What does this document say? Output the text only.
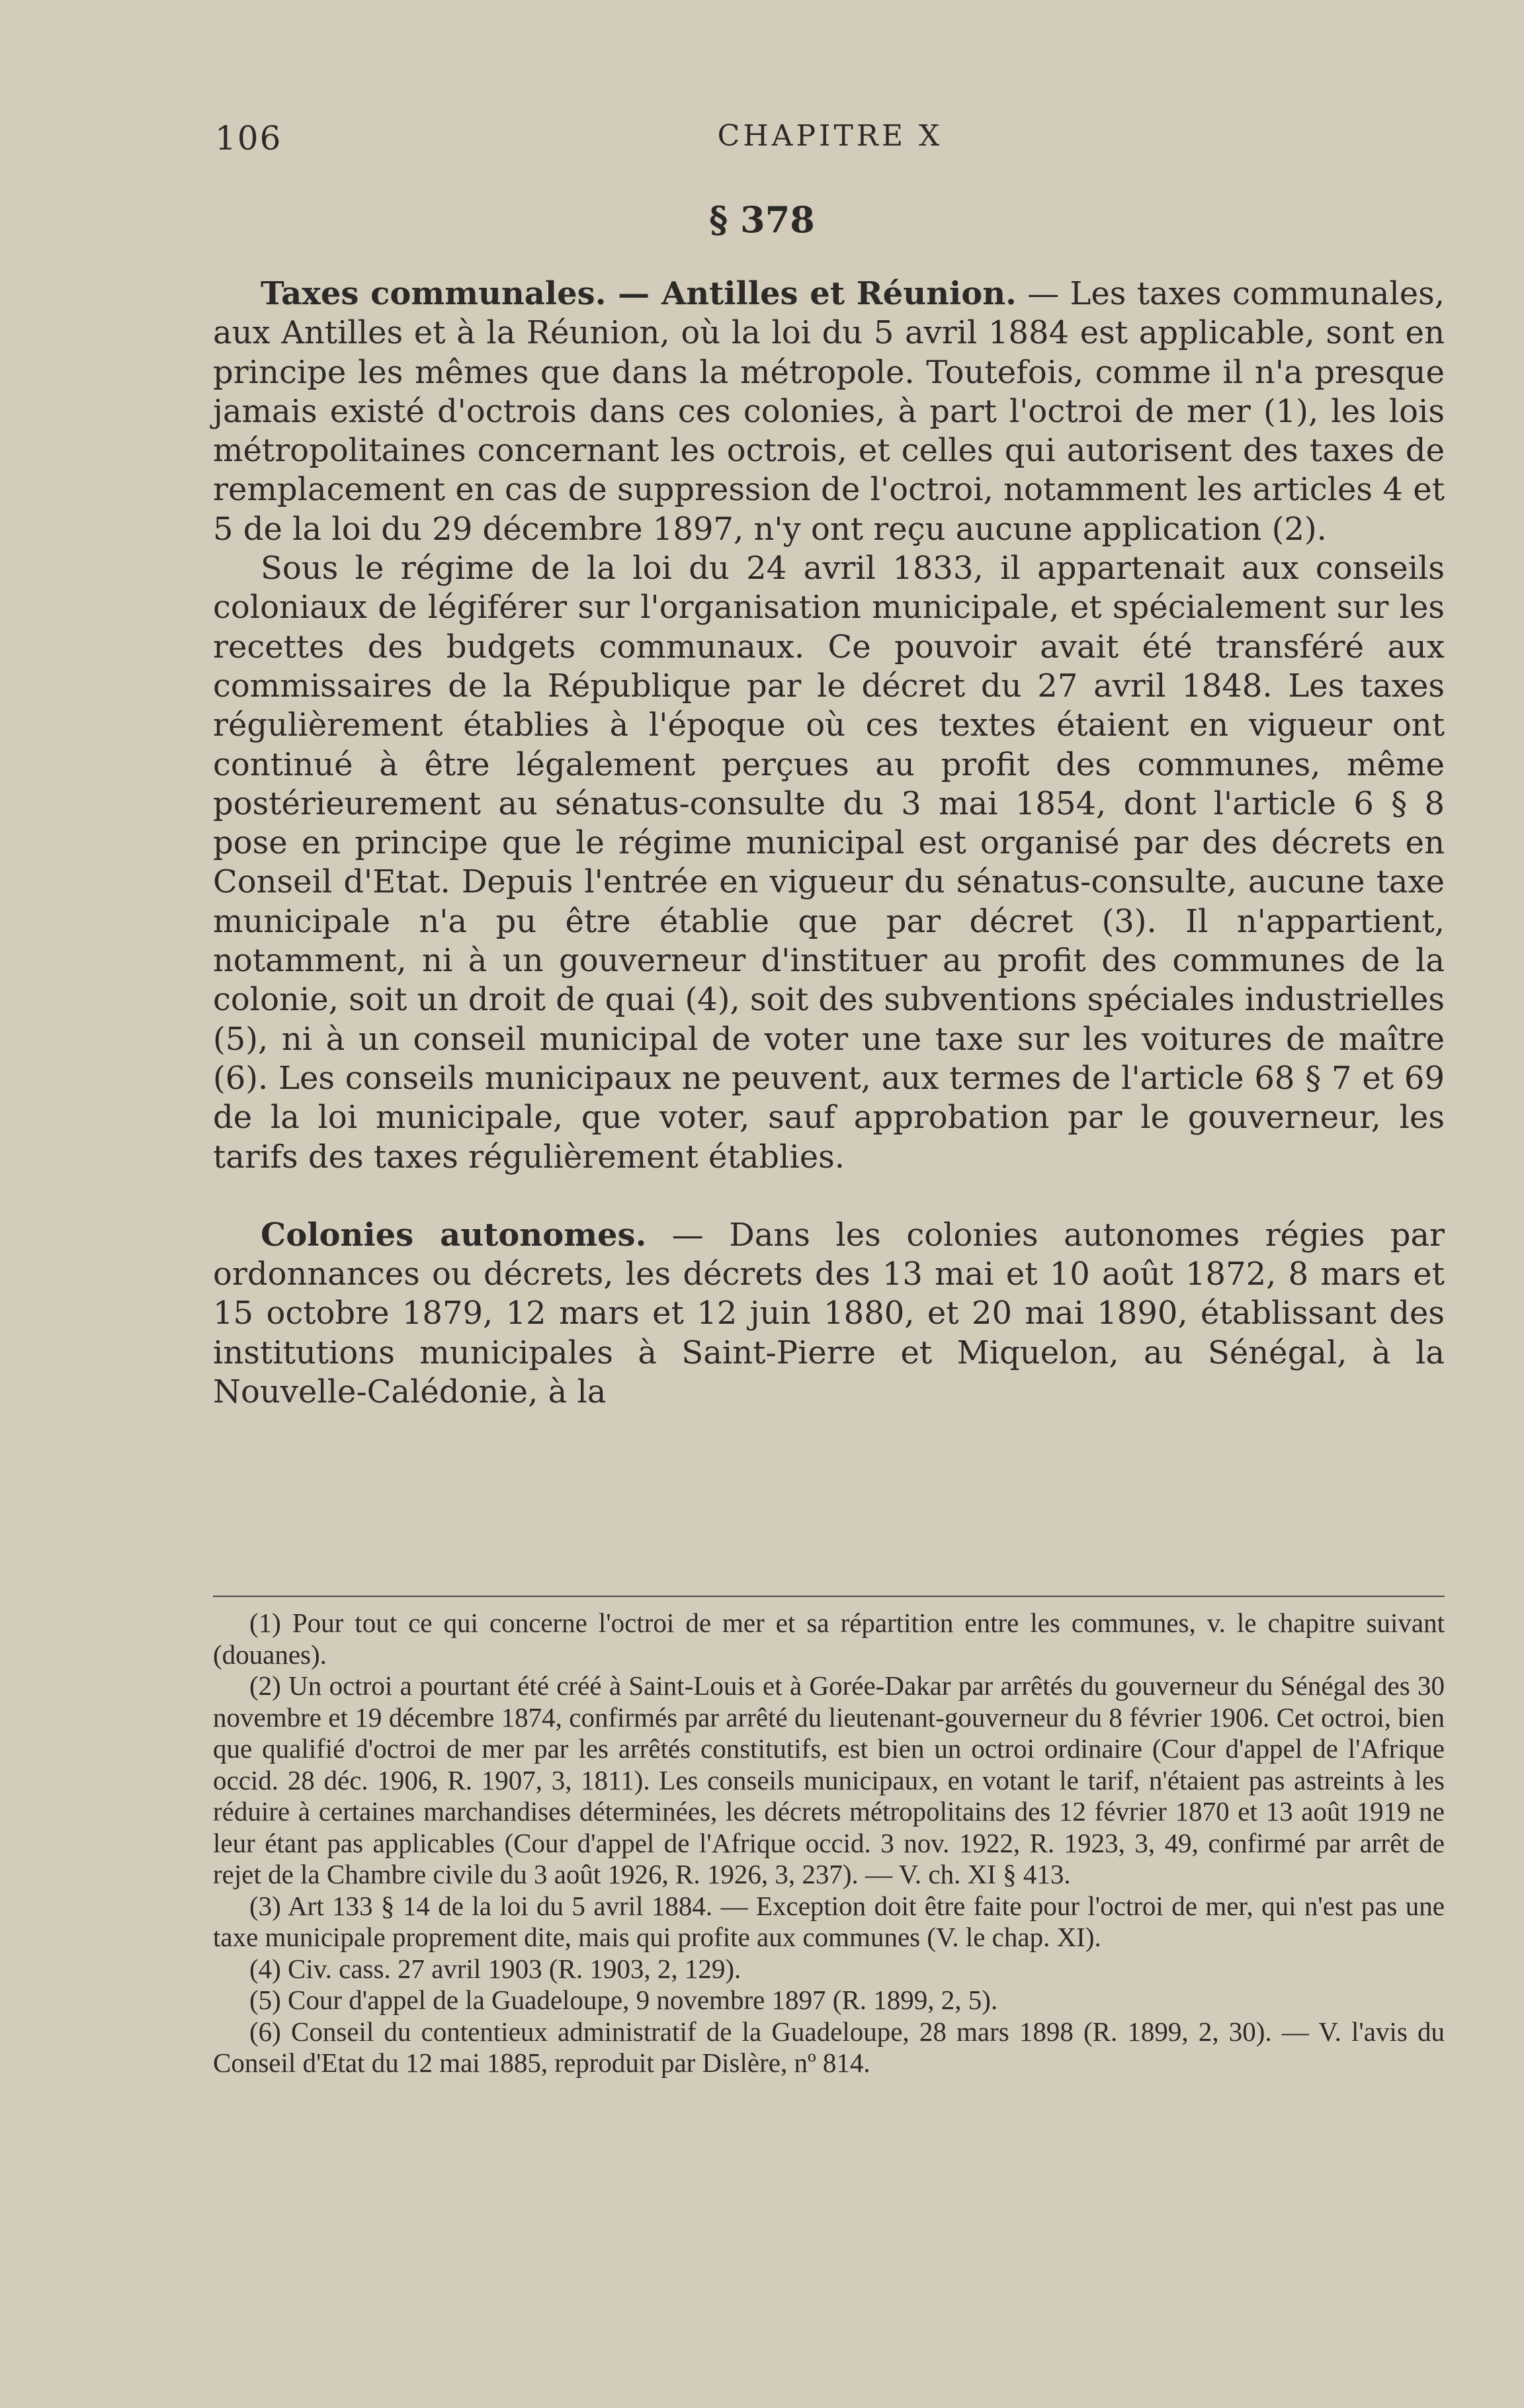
106	CHAPITRE X
§ 378

Taxes communales. — Antilles et Réunion. — Les taxes communales, aux Antilles et à la Réunion, où la loi du 5 avril 1884 est applicable, sont en principe les mêmes que dans la métropole. Toutefois, comme il n'a presque jamais existé d'octrois dans ces colonies, à part l'octroi de mer (1), les lois métropolitaines concernant les octrois, et celles qui autorisent des taxes de remplacement en cas de suppression de l'octroi, notamment les articles 4 et 5 de la loi du 29 décembre 1897, n'y ont reçu aucune application (2).

Sous le régime de la loi du 24 avril 1833, il appartenait aux conseils coloniaux de légiférer sur l'organisation municipale, et spécialement sur les recettes des budgets communaux. Ce pouvoir avait été transféré aux commissaires de la République par le décret du 27 avril 1848. Les taxes régulièrement établies à l'époque où ces textes étaient en vigueur ont continué à être légalement perçues au profit des communes, même postérieurement au sénatus-consulte du 3 mai 1854, dont l'article 6 § 8 pose en principe que le régime municipal est organisé par des décrets en Conseil d'Etat. Depuis l'entrée en vigueur du sénatus-consulte, aucune taxe municipale n'a pu être établie que par décret (3). Il n'appartient, notamment, ni à un gouverneur d'instituer au profit des communes de la colonie, soit un droit de quai (4), soit des subventions spéciales industrielles (5), ni à un conseil municipal de voter une taxe sur les voitures de maître (6). Les conseils municipaux ne peuvent, aux termes de l'article 68 § 7 et 69 de la loi municipale, que voter, sauf approbation par le gouverneur, les tarifs des taxes régulièrement établies.

Colonies autonomes. — Dans les colonies autonomes régies par ordonnances ou décrets, les décrets des 13 mai et 10 août 1872, 8 mars et 15 octobre 1879, 12 mars et 12 juin 1880, et 20 mai 1890, établissant des institutions municipales à Saint-Pierre et Miquelon, au Sénégal, à la Nouvelle-Calédonie, à la

(1) Pour tout ce qui concerne l'octroi de mer et sa répartition entre les communes, v. le chapitre suivant (douanes).

(2) Un octroi a pourtant été créé à Saint-Louis et à Gorée-Dakar par arrêtés du gouverneur du Sénégal des 30 novembre et 19 décembre 1874, confirmés par arrêté du lieutenant-gouverneur du 8 février 1906. Cet octroi, bien que qualifié d'octroi de mer par les arrêtés constitutifs, est bien un octroi ordinaire (Cour d'appel de l'Afrique occid. 28 déc. 1906, R. 1907, 3, 1811). Les conseils municipaux, en votant le tarif, n'étaient pas astreints à les réduire à certaines marchandises déterminées, les décrets métropolitains des 12 février 1870 et 13 août 1919 ne leur étant pas applicables (Cour d'appel de l'Afrique occid. 3 nov. 1922, R. 1923, 3, 49, confirmé par arrêt de rejet de la Chambre civile du 3 août 1926, R. 1926, 3, 237). — V. ch. XI § 413.

(3) Art 133 § 14 de la loi du 5 avril 1884. — Exception doit être faite pour l'octroi de mer, qui n'est pas une taxe municipale proprement dite, mais qui profite aux communes (V. le chap. XI).

(4) Civ. cass. 27 avril 1903 (R. 1903, 2, 129).

(5) Cour d'appel de la Guadeloupe, 9 novembre 1897 (R. 1899, 2, 5).

(6) Conseil du contentieux administratif de la Guadeloupe, 28 mars 1898 (R. 1899, 2, 30). — V. l'avis du Conseil d'Etat du 12 mai 1885, reproduit par Dislère, nº 814.
